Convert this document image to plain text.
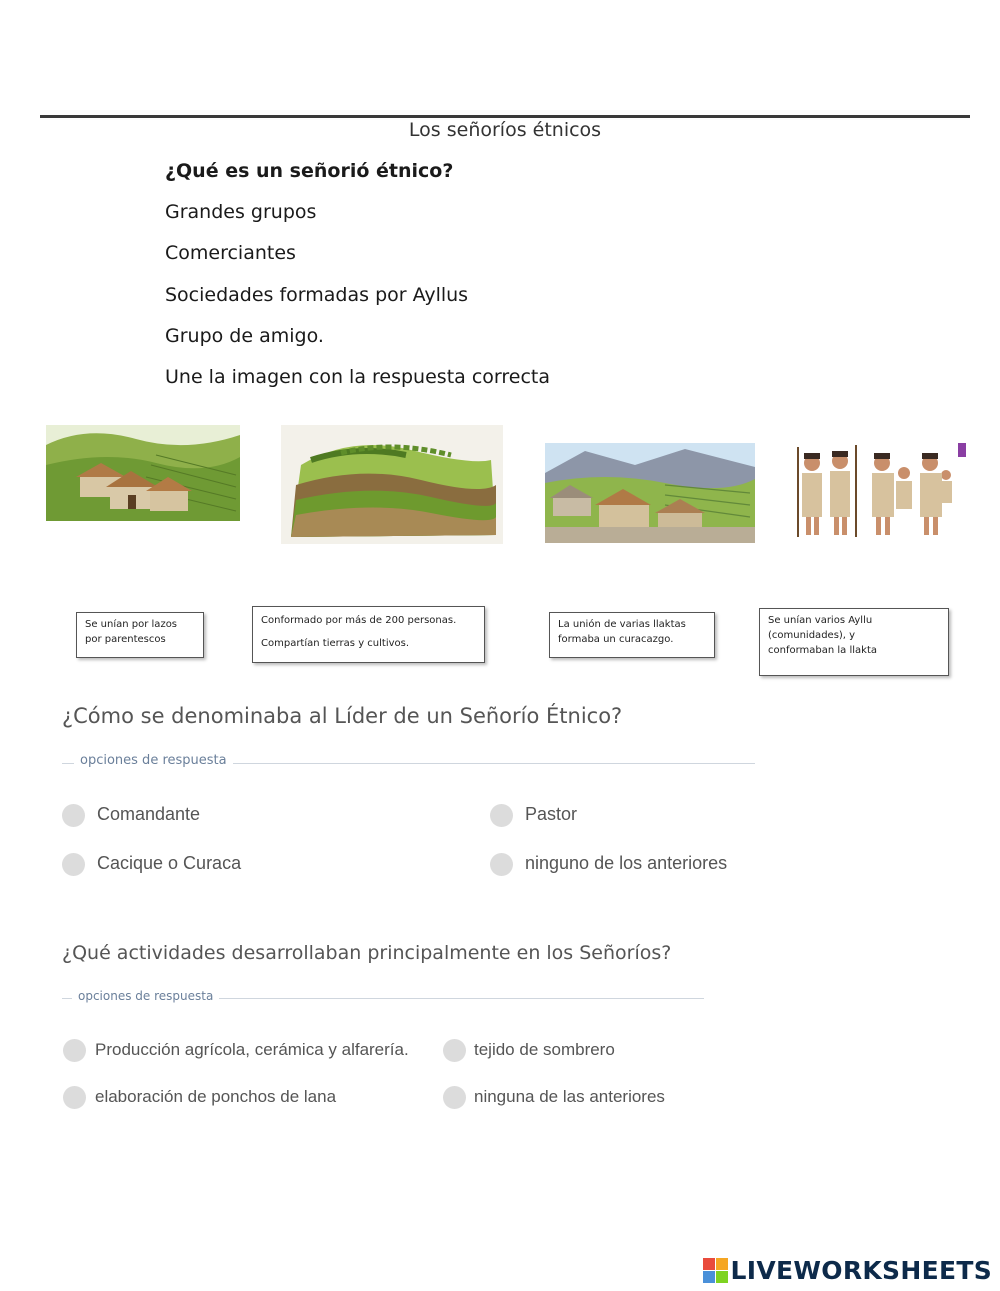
Los señoríos étnicos
¿Qué es un señorió étnico?
Grandes grupos
Comerciantes
Sociedades formadas por Ayllus
Grupo de amigo.
Une la imagen con la respuesta correcta
Se unían por lazos
por parentescos
Conformado por más de 200 personas.
Compartían tierras y cultivos.
La unión de varias llaktas
formaba un curacazgo.
Se unían varios Ayllu
(comunidades), y
conformaban la llakta
¿Cómo se denominaba al Líder de un Señorío Étnico?
opciones de respuesta
Comandante	Pastor
Cacique o Curaca	ninguno de los anteriores
¿Qué actividades desarrollaban principalmente en los Señoríos?
opciones de respuesta
Producción agrícola, cerámica y alfarería.	tejido de sombrero
elaboración de ponchos de lana	ninguna de las anteriores
LIVEWORKSHEETS
